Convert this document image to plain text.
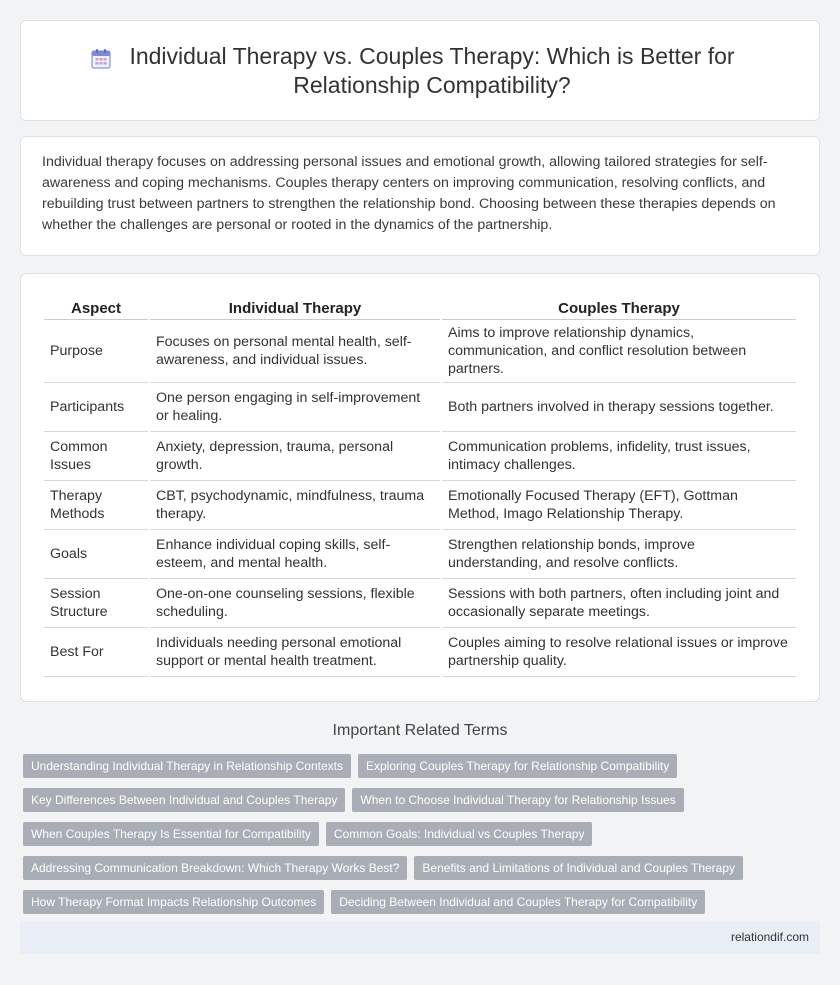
Individual Therapy vs. Couples Therapy: Which is Better for Relationship Compatibility?

Individual therapy focuses on addressing personal issues and emotional growth, allowing tailored strategies for self-awareness and coping mechanisms. Couples therapy centers on improving communication, resolving conflicts, and rebuilding trust between partners to strengthen the relationship bond. Choosing between these therapies depends on whether the challenges are personal or rooted in the dynamics of the partnership.

Aspect	Individual Therapy	Couples Therapy
Purpose	Focuses on personal mental health, self-awareness, and individual issues.	Aims to improve relationship dynamics, communication, and conflict resolution between partners.
Participants	One person engaging in self-improvement or healing.	Both partners involved in therapy sessions together.
Common Issues	Anxiety, depression, trauma, personal growth.	Communication problems, infidelity, trust issues, intimacy challenges.
Therapy Methods	CBT, psychodynamic, mindfulness, trauma therapy.	Emotionally Focused Therapy (EFT), Gottman Method, Imago Relationship Therapy.
Goals	Enhance individual coping skills, self-esteem, and mental health.	Strengthen relationship bonds, improve understanding, and resolve conflicts.
Session Structure	One-on-one counseling sessions, flexible scheduling.	Sessions with both partners, often including joint and occasionally separate meetings.
Best For	Individuals needing personal emotional support or mental health treatment.	Couples aiming to resolve relational issues or improve partnership quality.
Important Related Terms
Understanding Individual Therapy in Relationship Contexts	Exploring Couples Therapy for Relationship Compatibility
Key Differences Between Individual and Couples Therapy	When to Choose Individual Therapy for Relationship Issues
When Couples Therapy Is Essential for Compatibility	Common Goals: Individual vs Couples Therapy
Addressing Communication Breakdown: Which Therapy Works Best?	Benefits and Limitations of Individual and Couples Therapy
How Therapy Format Impacts Relationship Outcomes	Deciding Between Individual and Couples Therapy for Compatibility
relationdif.com
